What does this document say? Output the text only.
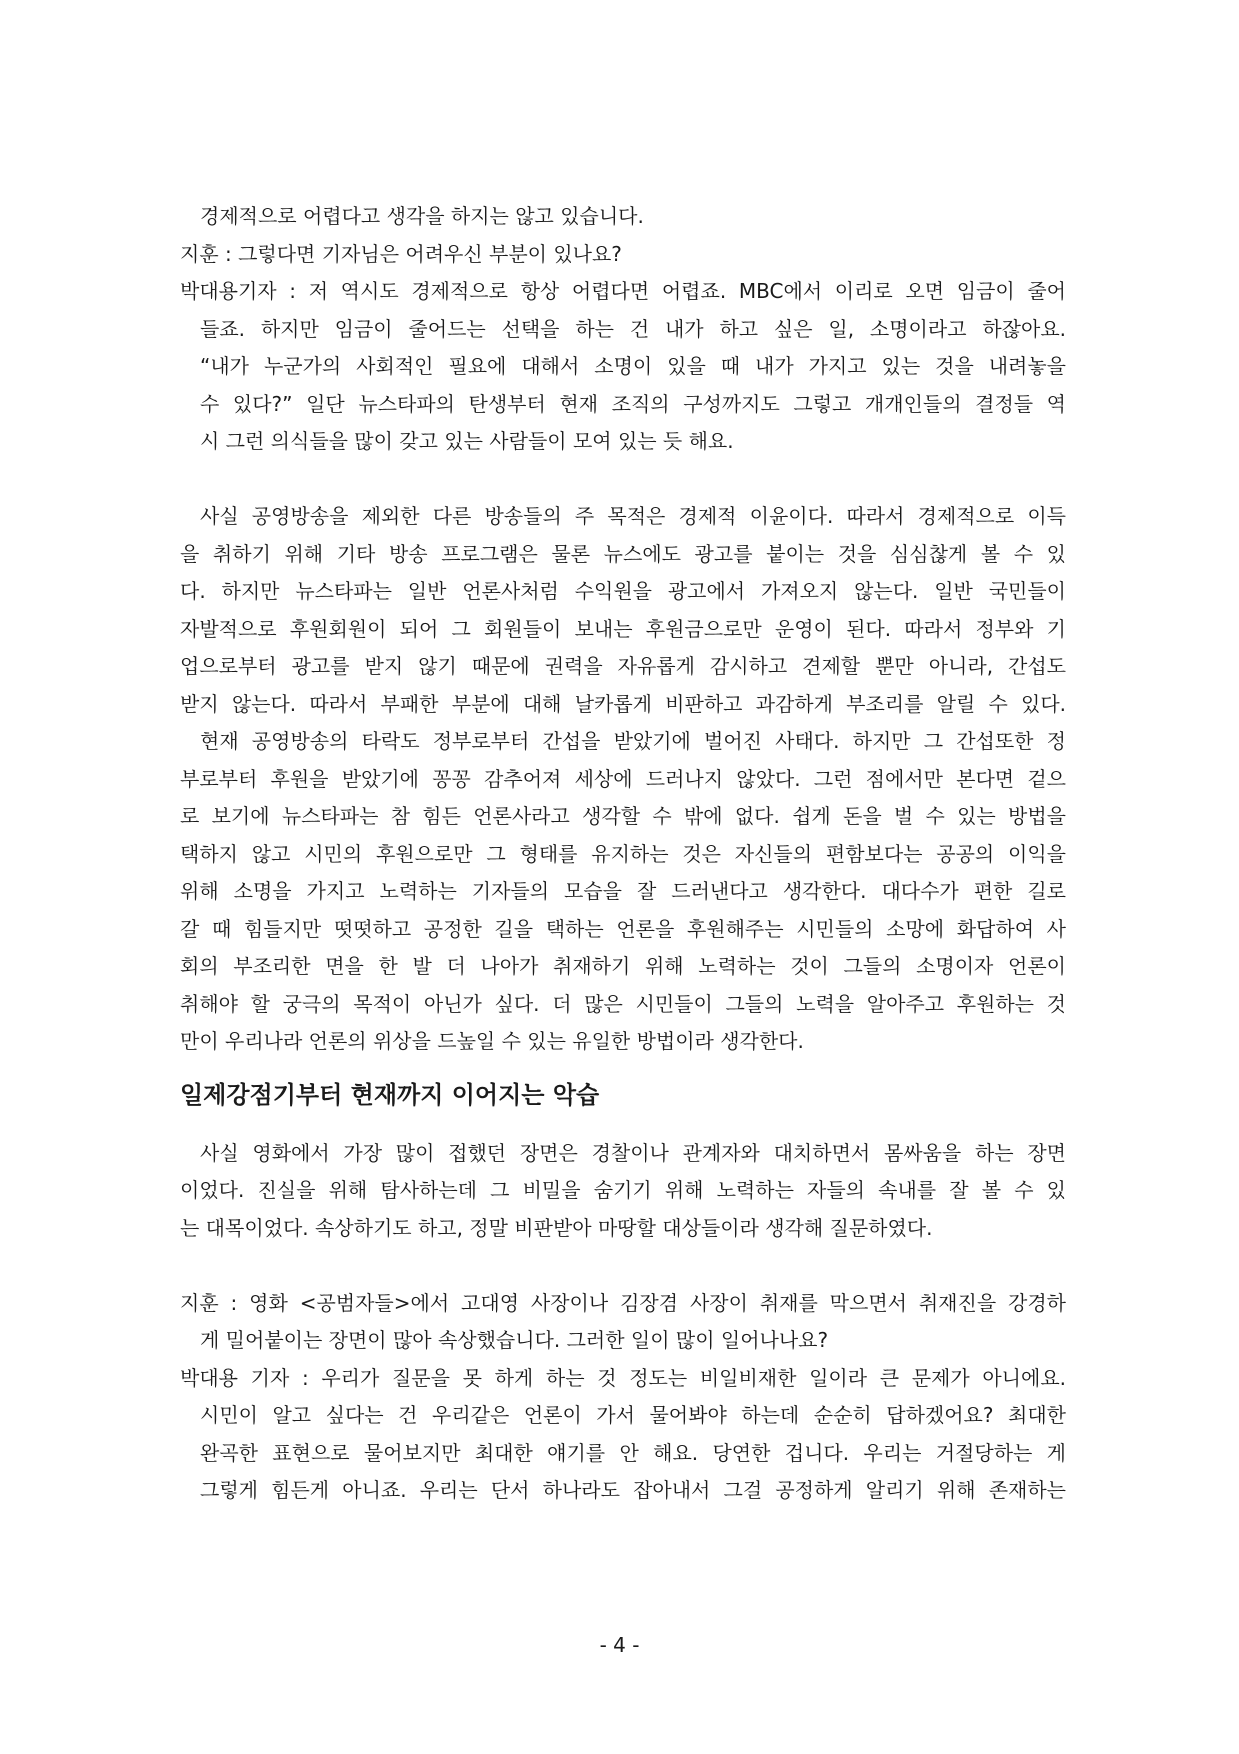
경제적으로 어렵다고 생각을 하지는 않고 있습니다.
지훈 : 그렇다면 기자님은 어려우신 부분이 있나요?
박대용기자 : 저 역시도 경제적으로 항상 어렵다면 어렵죠. MBC에서 이리로 오면 임금이 줄어
들죠. 하지만 임금이 줄어드는 선택을 하는 건 내가 하고 싶은 일, 소명이라고 하잖아요.
“내가 누군가의 사회적인 필요에 대해서 소명이 있을 때 내가 가지고 있는 것을 내려놓을
수 있다?” 일단 뉴스타파의 탄생부터 현재 조직의 구성까지도 그렇고 개개인들의 결정들 역
시 그런 의식들을 많이 갖고 있는 사람들이 모여 있는 듯 해요.
사실 공영방송을 제외한 다른 방송들의 주 목적은 경제적 이윤이다. 따라서 경제적으로 이득
을 취하기 위해 기타 방송 프로그램은 물론 뉴스에도 광고를 붙이는 것을 심심찮게 볼 수 있
다. 하지만 뉴스타파는 일반 언론사처럼 수익원을 광고에서 가져오지 않는다. 일반 국민들이
자발적으로 후원회원이 되어 그 회원들이 보내는 후원금으로만 운영이 된다. 따라서 정부와 기
업으로부터 광고를 받지 않기 때문에 권력을 자유롭게 감시하고 견제할 뿐만 아니라, 간섭도
받지 않는다. 따라서 부패한 부분에 대해 날카롭게 비판하고 과감하게 부조리를 알릴 수 있다.
현재 공영방송의 타락도 정부로부터 간섭을 받았기에 벌어진 사태다. 하지만 그 간섭또한 정
부로부터 후원을 받았기에 꽁꽁 감추어져 세상에 드러나지 않았다. 그런 점에서만 본다면 겉으
로 보기에 뉴스타파는 참 힘든 언론사라고 생각할 수 밖에 없다. 쉽게 돈을 벌 수 있는 방법을
택하지 않고 시민의 후원으로만 그 형태를 유지하는 것은 자신들의 편함보다는 공공의 이익을
위해 소명을 가지고 노력하는 기자들의 모습을 잘 드러낸다고 생각한다. 대다수가 편한 길로
갈 때 힘들지만 떳떳하고 공정한 길을 택하는 언론을 후원해주는 시민들의 소망에 화답하여 사
회의 부조리한 면을 한 발 더 나아가 취재하기 위해 노력하는 것이 그들의 소명이자 언론이
취해야 할 궁극의 목적이 아닌가 싶다. 더 많은 시민들이 그들의 노력을 알아주고 후원하는 것
만이 우리나라 언론의 위상을 드높일 수 있는 유일한 방법이라 생각한다.
일제강점기부터 현재까지 이어지는 악습
사실 영화에서 가장 많이 접했던 장면은 경찰이나 관계자와 대치하면서 몸싸움을 하는 장면
이었다. 진실을 위해 탐사하는데 그 비밀을 숨기기 위해 노력하는 자들의 속내를 잘 볼 수 있
는 대목이었다. 속상하기도 하고, 정말 비판받아 마땅할 대상들이라 생각해 질문하였다.
지훈 : 영화 <공범자들>에서 고대영 사장이나 김장겸 사장이 취재를 막으면서 취재진을 강경하
게 밀어붙이는 장면이 많아 속상했습니다. 그러한 일이 많이 일어나나요?
박대용 기자 : 우리가 질문을 못 하게 하는 것 정도는 비일비재한 일이라 큰 문제가 아니에요.
시민이 알고 싶다는 건 우리같은 언론이 가서 물어봐야 하는데 순순히 답하겠어요? 최대한
완곡한 표현으로 물어보지만 최대한 얘기를 안 해요. 당연한 겁니다. 우리는 거절당하는 게
그렇게 힘든게 아니죠. 우리는 단서 하나라도 잡아내서 그걸 공정하게 알리기 위해 존재하는
- 4 -
